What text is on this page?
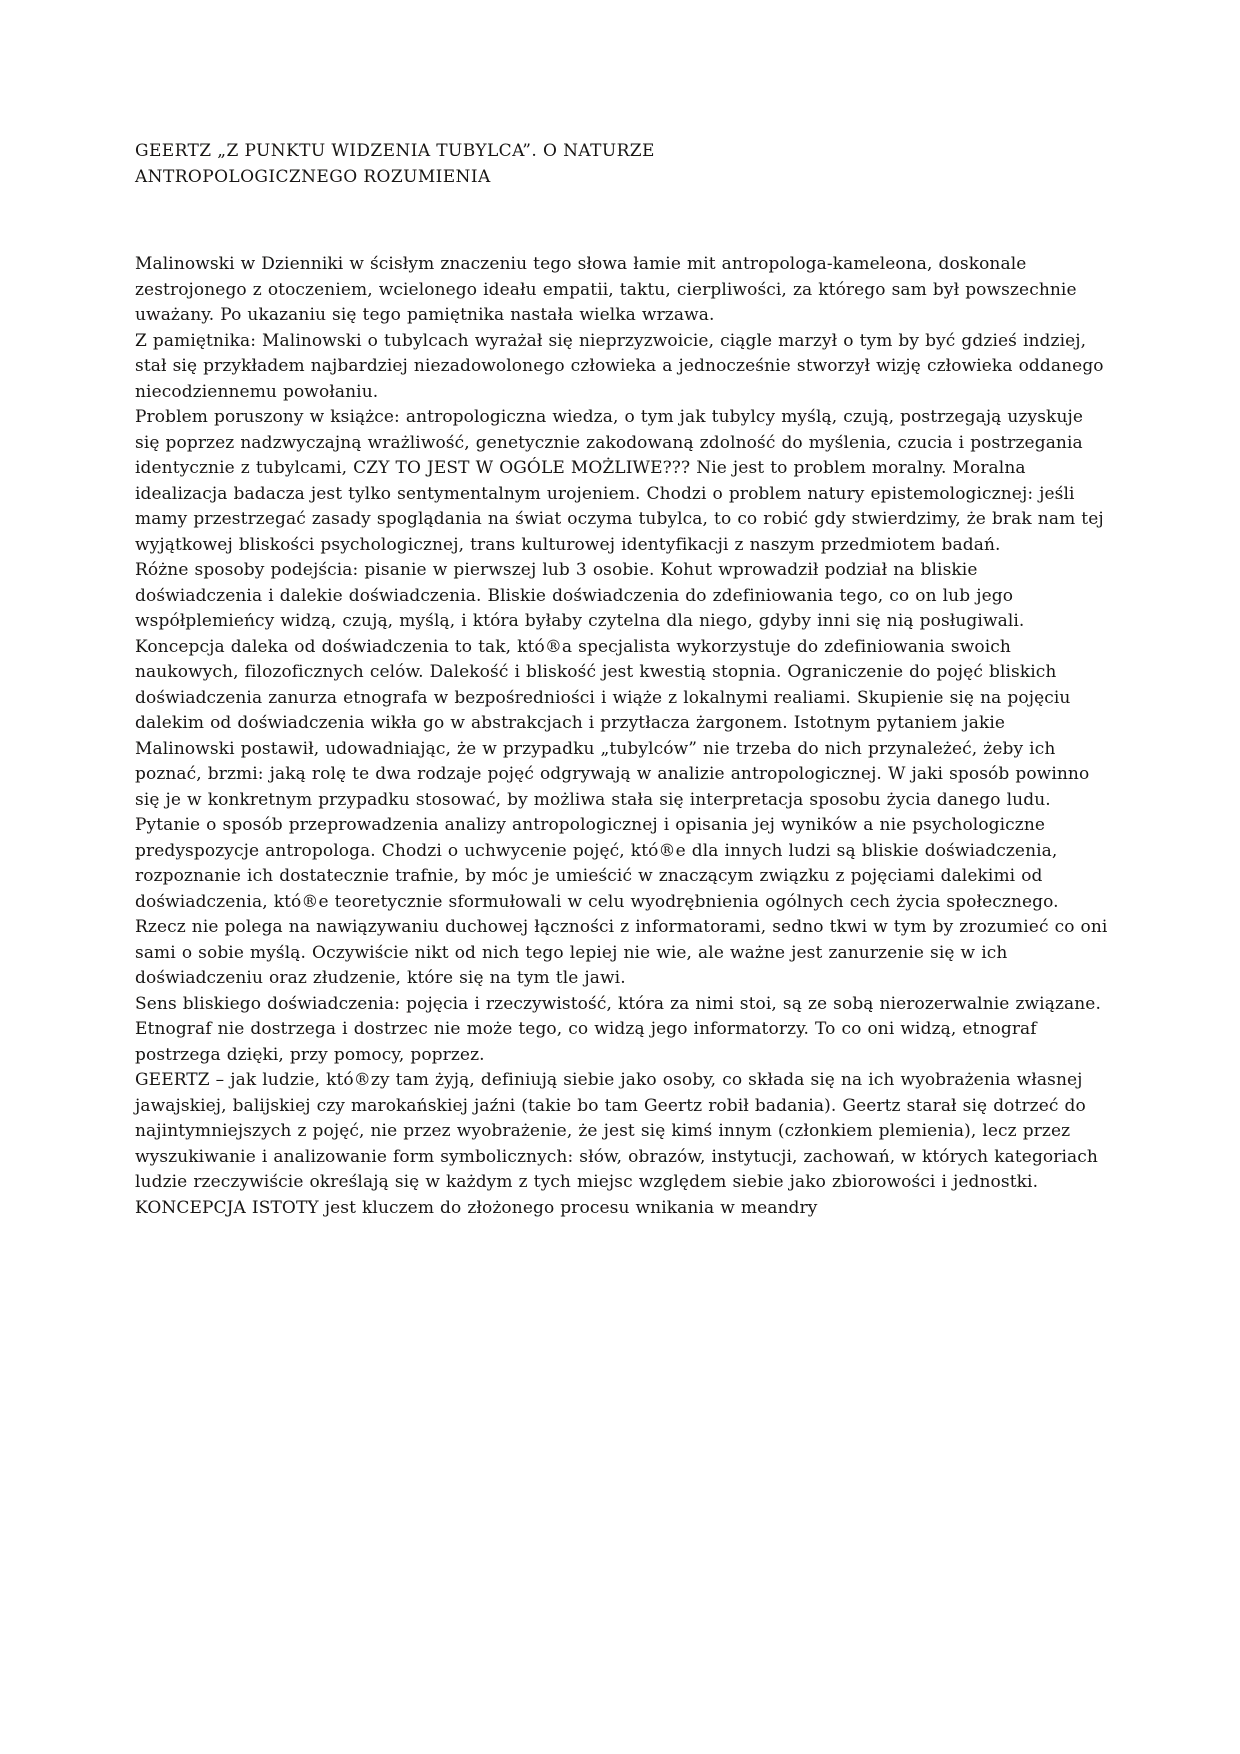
GEERTZ „Z PUNKTU WIDZENIA TUBYLCA”. O NATURZE
ANTROPOLOGICZNEGO ROZUMIENIA

Malinowski w Dzienniki w ścisłym znaczeniu tego słowa łamie mit antropologa-kameleona, doskonale zestrojonego z otoczeniem, wcielonego ideału empatii, taktu, cierpliwości, za którego sam był powszechnie uważany. Po ukazaniu się tego pamiętnika nastała wielka wrzawa.

Z pamiętnika: Malinowski o tubylcach wyrażał się nieprzyzwoicie, ciągle marzył o tym by być gdzieś indziej, stał się przykładem najbardziej niezadowolonego człowieka a jednocześnie stworzył wizję człowieka oddanego niecodziennemu powołaniu.

Problem poruszony w książce: antropologiczna wiedza, o tym jak tubylcy myślą, czują, postrzegają uzyskuje się poprzez nadzwyczajną wrażliwość, genetycznie zakodowaną zdolność do myślenia, czucia i postrzegania identycznie z tubylcami, CZY TO JEST W OGÓLE MOŻLIWE??? Nie jest to problem moralny. Moralna idealizacja badacza jest tylko sentymentalnym urojeniem. Chodzi o problem natury epistemologicznej: jeśli mamy przestrzegać zasady spoglądania na świat oczyma tubylca, to co robić gdy stwierdzimy, że brak nam tej wyjątkowej bliskości psychologicznej, trans kulturowej identyfikacji z naszym przedmiotem badań.

Różne sposoby podejścia: pisanie w pierwszej lub 3 osobie. Kohut wprowadził podział na bliskie doświadczenia i dalekie doświadczenia. Bliskie doświadczenia do zdefiniowania tego, co on lub jego współplemieńcy widzą, czują, myślą, i która byłaby czytelna dla niego, gdyby inni się nią posługiwali. Koncepcja daleka od doświadczenia to tak, któ®a specjalista wykorzystuje do zdefiniowania swoich naukowych, filozoficznych celów. Dalekość i bliskość jest kwestią stopnia. Ograniczenie do pojęć bliskich doświadczenia zanurza etnografa w bezpośredniości i wiąże z lokalnymi realiami. Skupienie się na pojęciu dalekim od doświadczenia wikła go w abstrakcjach i przytłacza żargonem. Istotnym pytaniem jakie Malinowski postawił, udowadniając, że w przypadku „tubylców” nie trzeba do nich przynależeć, żeby ich poznać, brzmi: jaką rolę te dwa rodzaje pojęć odgrywają w analizie antropologicznej. W jaki sposób powinno się je w konkretnym przypadku stosować, by możliwa stała się interpretacja sposobu życia danego ludu. Pytanie o sposób przeprowadzenia analizy antropologicznej i opisania jej wyników a nie psychologiczne predyspozycje antropologa. Chodzi o uchwycenie pojęć, któ®e dla innych ludzi są bliskie doświadczenia, rozpoznanie ich dostatecznie trafnie, by móc je umieścić w znaczącym związku z pojęciami dalekimi od doświadczenia, któ®e teoretycznie sformułowali w celu wyodrębnienia ogólnych cech życia społecznego. Rzecz nie polega na nawiązywaniu duchowej łączności z informatorami, sedno tkwi w tym by zrozumieć co oni sami o sobie myślą. Oczywiście nikt od nich tego lepiej nie wie, ale ważne jest zanurzenie się w ich doświadczeniu oraz złudzenie, które się na tym tle jawi.

Sens bliskiego doświadczenia: pojęcia i rzeczywistość, która za nimi stoi, są ze sobą nierozerwalnie związane. Etnograf nie dostrzega i dostrzec nie może tego, co widzą jego informatorzy. To co oni widzą, etnograf postrzega dzięki, przy pomocy, poprzez.

GEERTZ – jak ludzie, któ®zy tam żyją, definiują siebie jako osoby, co składa się na ich wyobrażenia własnej jawajskiej, balijskiej czy marokańskiej jaźni (takie bo tam Geertz robił badania). Geertz starał się dotrzeć do najintymniejszych z pojęć, nie przez wyobrażenie, że jest się kimś innym (członkiem plemienia), lecz przez wyszukiwanie i analizowanie form symbolicznych: słów, obrazów, instytucji, zachowań, w których kategoriach ludzie rzeczywiście określają się w każdym z tych miejsc względem siebie jako zbiorowości i jednostki. KONCEPCJA ISTOTY jest kluczem do złożonego procesu wnikania w meandry
